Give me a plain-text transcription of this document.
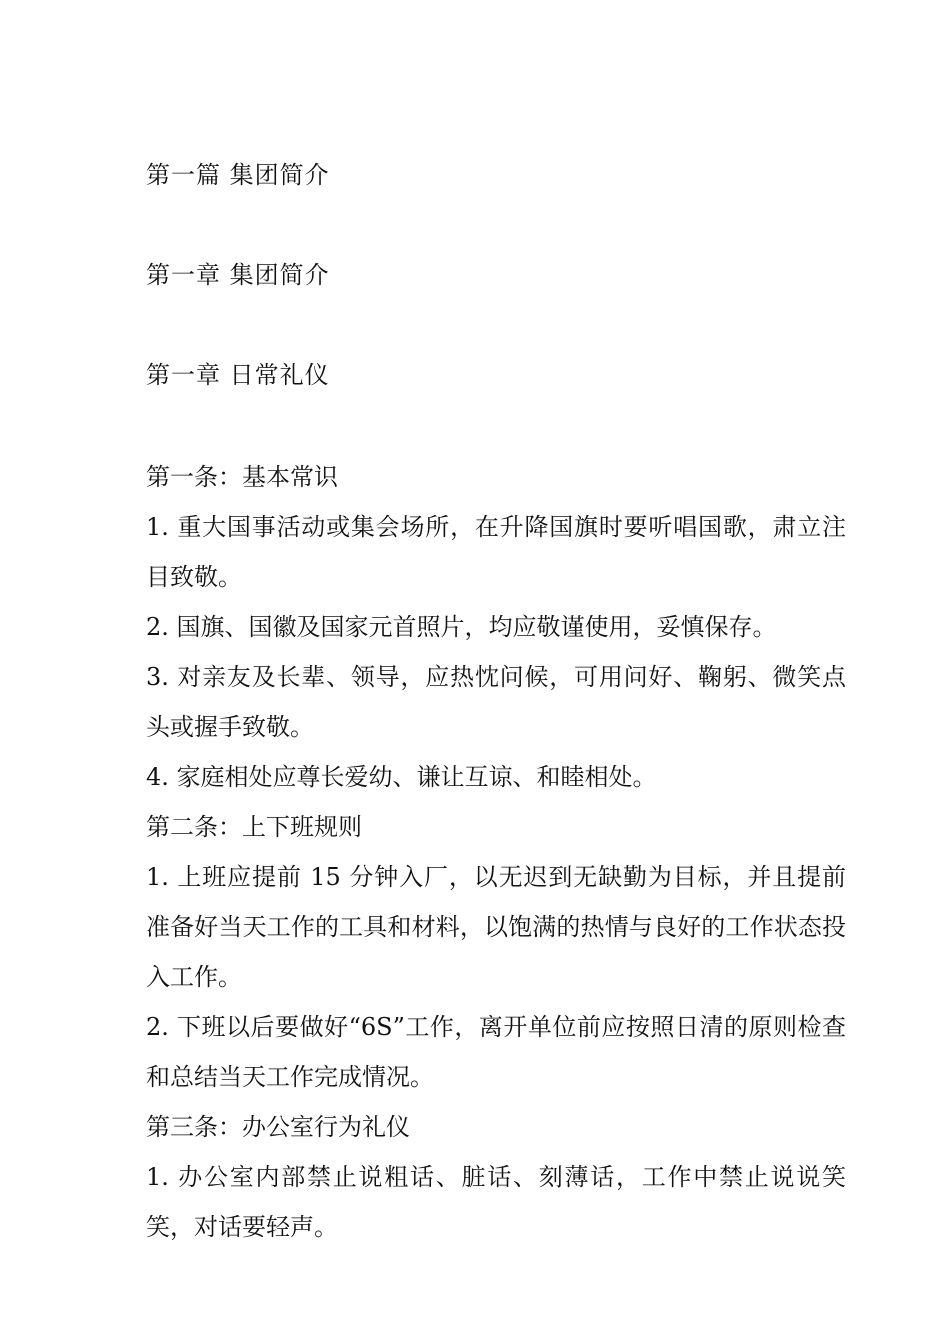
第一篇 集团简介
第一章 集团简介
第一章 日常礼仪

第一条：基本常识

1. 重大国事活动或集会场所，在升降国旗时要听唱国歌，肃立注目致敬。

2. 国旗、国徽及国家元首照片，均应敬谨使用，妥慎保存。

3. 对亲友及长辈、领导，应热忱问候，可用问好、鞠躬、微笑点头或握手致敬。

4. 家庭相处应尊长爱幼、谦让互谅、和睦相处。

第二条：上下班规则

1. 上班应提前 15 分钟入厂，以无迟到无缺勤为目标，并且提前准备好当天工作的工具和材料，以饱满的热情与良好的工作状态投入工作。

2. 下班以后要做好“6S”工作，离开单位前应按照日清的原则检查和总结当天工作完成情况。

第三条：办公室行为礼仪

1. 办公室内部禁止说粗话、脏话、刻薄话，工作中禁止说说笑笑，对话要轻声。
